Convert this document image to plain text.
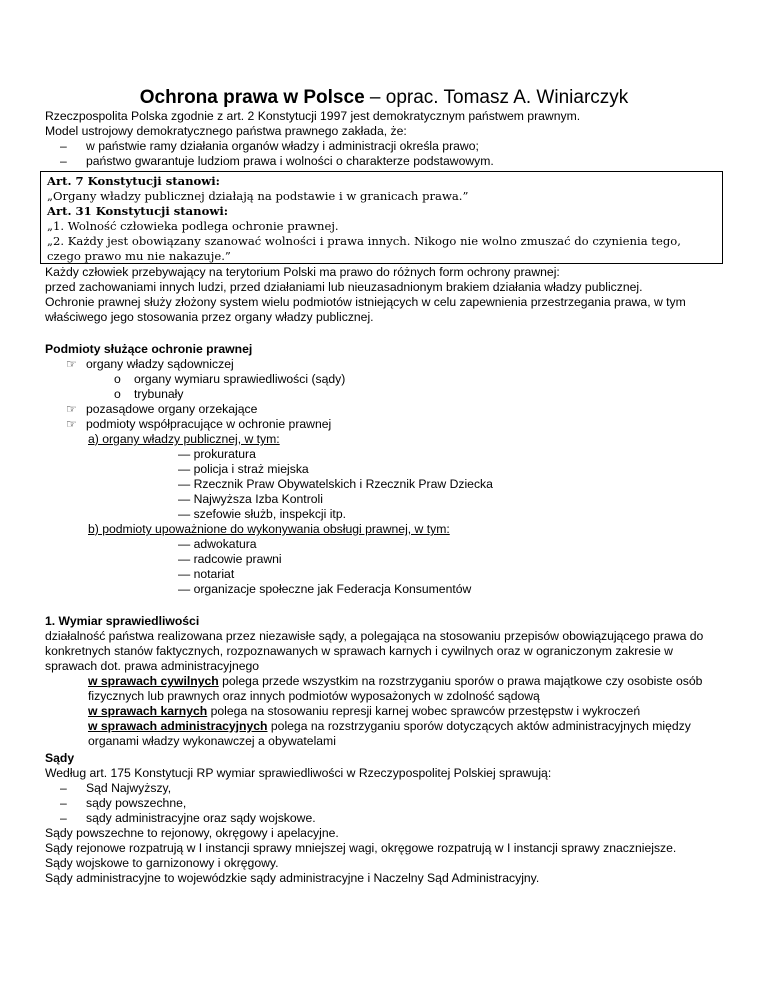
Ochrona prawa w Polsce – oprac. Tomasz A. Winiarczyk
Rzeczpospolita Polska zgodnie z art. 2 Konstytucji 1997 jest demokratycznym państwem prawnym.
Model ustrojowy demokratycznego państwa prawnego zakłada, że:
– w państwie ramy działania organów władzy i administracji określa prawo;
– państwo gwarantuje ludziom prawa i wolności o charakterze podstawowym.
Art. 7 Konstytucji stanowi:
„Organy władzy publicznej działają na podstawie i w granicach prawa.”
Art. 31 Konstytucji stanowi:
„1. Wolność człowieka podlega ochronie prawnej.
„2. Każdy jest obowiązany szanować wolności i prawa innych. Nikogo nie wolno zmuszać do czynienia tego,
czego prawo mu nie nakazuje.”
Każdy człowiek przebywający na terytorium Polski ma prawo do różnych form ochrony prawnej:
przed zachowaniami innych ludzi, przed działaniami lub nieuzasadnionym brakiem działania władzy publicznej.
Ochronie prawnej służy złożony system wielu podmiotów istniejących w celu zapewnienia przestrzegania prawa, w tym
właściwego jego stosowania przez organy władzy publicznej.
Podmioty służące ochronie prawnej
☞ organy władzy sądowniczej
o organy wymiaru sprawiedliwości (sądy)
o trybunały
☞ pozasądowe organy orzekające
☞ podmioty współpracujące w ochronie prawnej
a) organy władzy publicznej, w tym:
— prokuratura
— policja i straż miejska
— Rzecznik Praw Obywatelskich i Rzecznik Praw Dziecka
— Najwyższa Izba Kontroli
— szefowie służb, inspekcji itp.
b) podmioty upoważnione do wykonywania obsługi prawnej, w tym:
— adwokatura
— radcowie prawni
— notariat
— organizacje społeczne jak Federacja Konsumentów
1. Wymiar sprawiedliwości
działalność państwa realizowana przez niezawisłe sądy, a polegająca na stosowaniu przepisów obowiązującego prawa do
konkretnych stanów faktycznych, rozpoznawanych w sprawach karnych i cywilnych oraz w ograniczonym zakresie w
sprawach dot. prawa administracyjnego
w sprawach cywilnych polega przede wszystkim na rozstrzyganiu sporów o prawa majątkowe czy osobiste osób
fizycznych lub prawnych oraz innych podmiotów wyposażonych w zdolność sądową
w sprawach karnych polega na stosowaniu represji karnej wobec sprawców przestępstw i wykroczeń
w sprawach administracyjnych polega na rozstrzyganiu sporów dotyczących aktów administracyjnych między
organami władzy wykonawczej a obywatelami
Sądy
Według art. 175 Konstytucji RP wymiar sprawiedliwości w Rzeczypospolitej Polskiej sprawują:
– Sąd Najwyższy,
– sądy powszechne,
– sądy administracyjne oraz sądy wojskowe.
Sądy powszechne to rejonowy, okręgowy i apelacyjne.
Sądy rejonowe rozpatrują w I instancji sprawy mniejszej wagi, okręgowe rozpatrują w I instancji sprawy znaczniejsze.
Sądy wojskowe to garnizonowy i okręgowy.
Sądy administracyjne to wojewódzkie sądy administracyjne i Naczelny Sąd Administracyjny.
